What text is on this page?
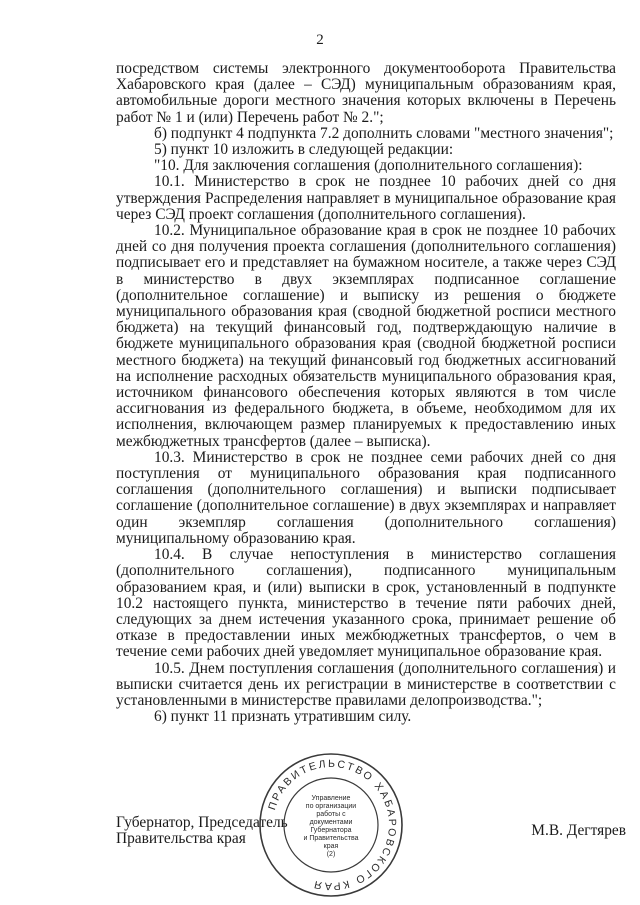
2

посредством системы электронного документооборота Правительства Хабаровского края (далее – СЭД) муниципальным образованиям края, автомобильные дороги местного значения которых включены в Перечень работ № 1 и (или) Перечень работ № 2.";

б) подпункт 4 подпункта 7.2 дополнить словами "местного значения";

5) пункт 10 изложить в следующей редакции:

"10. Для заключения соглашения (дополнительного соглашения):

10.1. Министерство в срок не позднее 10 рабочих дней со дня утверждения Распределения направляет в муниципальное образование края через СЭД проект соглашения (дополнительного соглашения).

10.2. Муниципальное образование края в срок не позднее 10 рабочих дней со дня получения проекта соглашения (дополнительного соглашения) подписывает его и представляет на бумажном носителе, а также через СЭД в министерство в двух экземплярах подписанное соглашение (дополнительное соглашение) и выписку из решения о бюджете муниципального образования края (сводной бюджетной росписи местного бюджета) на текущий финансовый год, подтверждающую наличие в бюджете муниципального образования края (сводной бюджетной росписи местного бюджета) на текущий финансовый год бюджетных ассигнований на исполнение расходных обязательств муниципального образования края, источником финансового обеспечения которых являются в том числе ассигнования из федерального бюджета, в объеме, необходимом для их исполнения, включающем размер планируемых к предоставлению иных межбюджетных трансфертов (далее – выписка).

10.3. Министерство в срок не позднее семи рабочих дней со дня поступления от муниципального образования края подписанного соглашения (дополнительного соглашения) и выписки подписывает соглашение (дополнительное соглашение) в двух экземплярах и направляет один экземпляр соглашения (дополнительного соглашения) муниципальному образованию края.

10.4. В случае непоступления в министерство соглашения (дополнительного соглашения), подписанного муниципальным образованием края, и (или) выписки в срок, установленный в подпункте 10.2 настоящего пункта, министерство в течение пяти рабочих дней, следующих за днем истечения указанного срока, принимает решение об отказе в предоставлении иных межбюджетных трансфертов, о чем в течение семи рабочих дней уведомляет муниципальное образование края.

10.5. Днем поступления соглашения (дополнительного соглашения) и выписки считается день их регистрации в министерстве в соответствии с установленными в министерстве правилами делопроизводства.";

6) пункт 11 признать утратившим силу.

Губернатор, Председатель
Правительства края	М.В. Дегтярев
ПРАВИТЕЛЬСТВО ХАБАРОВСКОГО КРАЯ
Управление
по организации
работы с документами
Губернатора
и Правительства
края
(2)
